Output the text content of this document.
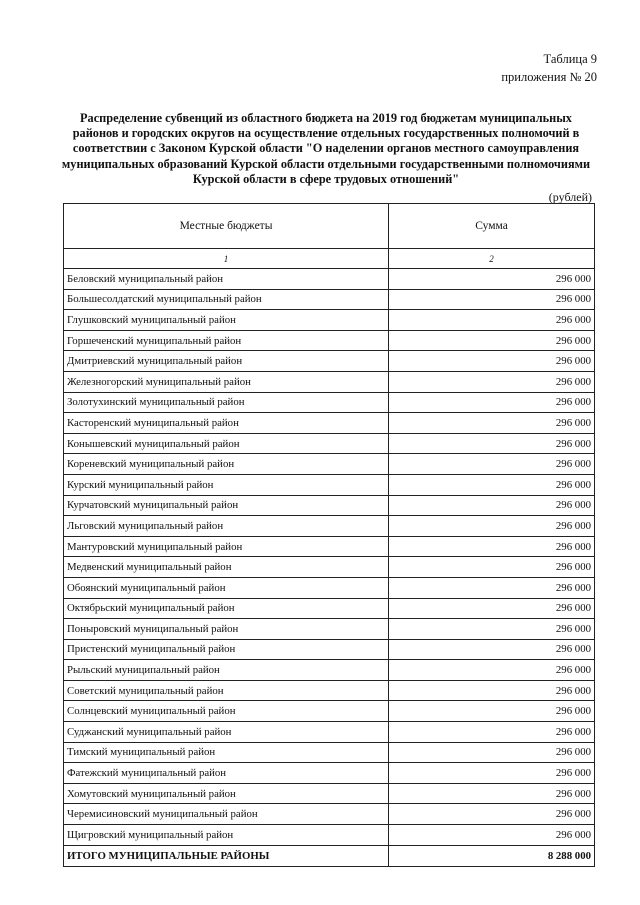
Таблица 9
приложения № 20
Распределение субвенций из областного бюджета на 2019 год бюджетам муниципальных районов и городских округов на осуществление отдельных государственных полномочий в соответствии с Законом Курской области "О наделении органов местного самоуправления муниципальных образований Курской области отдельными государственными полномочиями Курской области в сфере трудовых отношений"
(рублей)
Местные бюджеты	Сумма
1	2
Беловский муниципальный район	296 000
Большесолдатский муниципальный район	296 000
Глушковский муниципальный район	296 000
Горшеченский муниципальный район	296 000
Дмитриевский муниципальный район	296 000
Железногорский муниципальный район	296 000
Золотухинский муниципальный район	296 000
Касторенский муниципальный район	296 000
Конышевский муниципальный район	296 000
Кореневский муниципальный район	296 000
Курский муниципальный район	296 000
Курчатовский муниципальный район	296 000
Льговский муниципальный район	296 000
Мантуровский муниципальный район	296 000
Медвенский муниципальный район	296 000
Обоянский муниципальный район	296 000
Октябрьский муниципальный район	296 000
Поныровский муниципальный район	296 000
Пристенский муниципальный район	296 000
Рыльский муниципальный район	296 000
Советский муниципальный район	296 000
Солнцевский муниципальный район	296 000
Суджанский муниципальный район	296 000
Тимский муниципальный район	296 000
Фатежский муниципальный район	296 000
Хомутовский муниципальный район	296 000
Черемисиновский муниципальный район	296 000
Щигровский муниципальный район	296 000
ИТОГО МУНИЦИПАЛЬНЫЕ РАЙОНЫ	8 288 000
